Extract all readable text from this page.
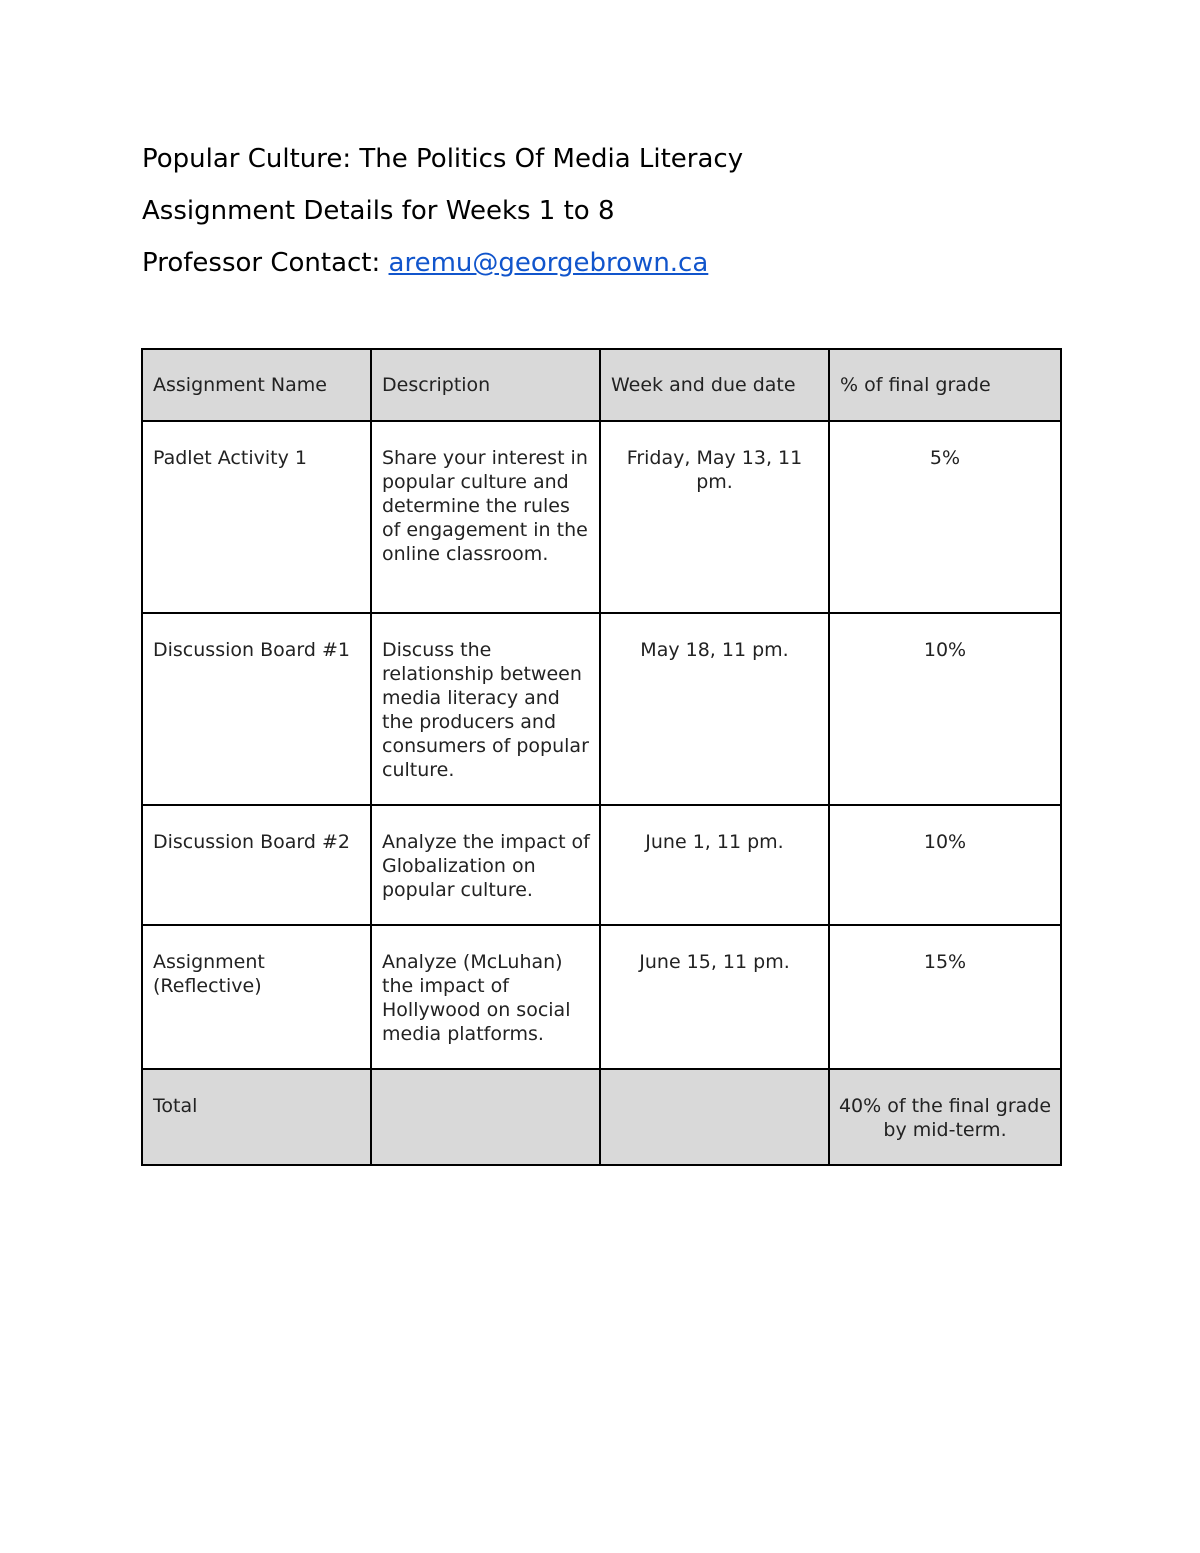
Popular Culture: The Politics Of Media Literacy
Assignment Details for Weeks 1 to 8

Professor Contact: aremu@georgebrown.ca

Assignment Name	Description	Week and due date	% of final grade
Padlet Activity 1	Share your interest in popular culture and determine the rules of engagement in the online classroom.	Friday, May 13, 11 pm.	5%
Discussion Board #1	Discuss the relationship between media literacy and the producers and consumers of popular culture.	May 18, 11 pm.	10%
Discussion Board #2	Analyze the impact of Globalization on popular culture.	June 1, 11 pm.	10%
Assignment (Reflective)	Analyze (McLuhan) the impact of Hollywood on social media platforms.	June 15, 11 pm.	15%
Total			40% of the final grade by mid-term.
